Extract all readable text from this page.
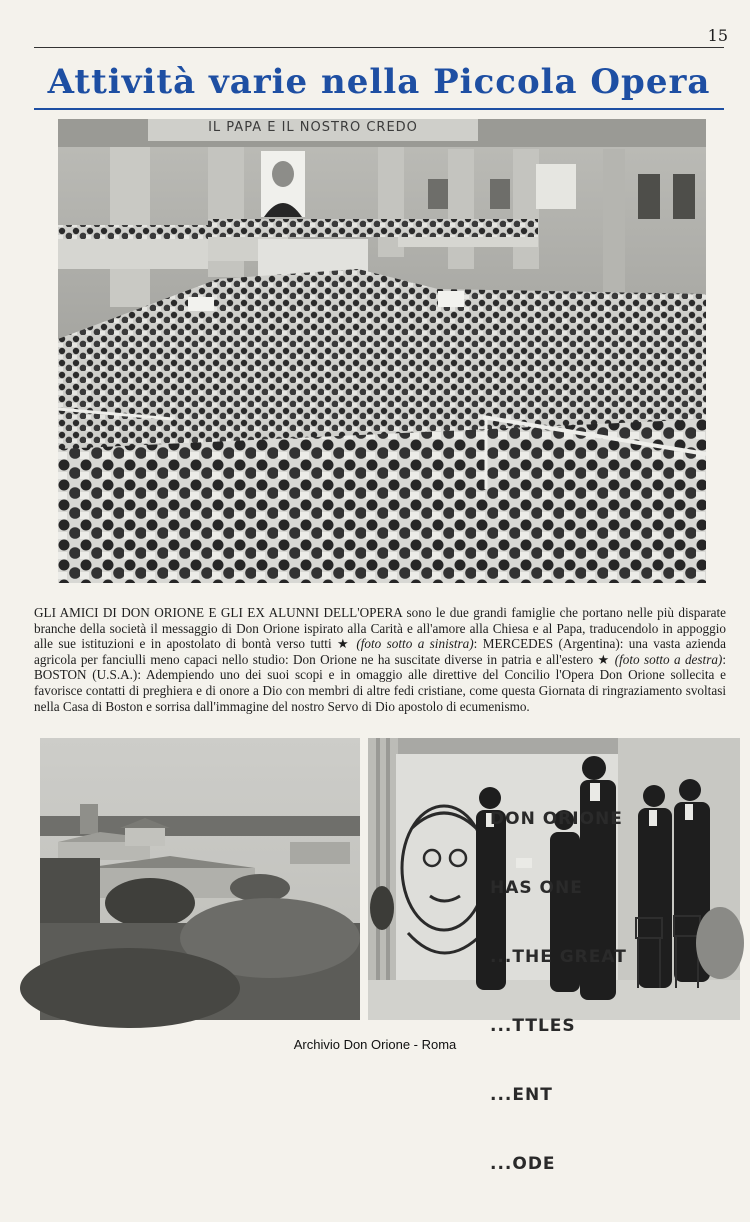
15
Attività varie nella Piccola Opera
IL PAPA E IL NOSTRO CREDO
GLI AMICI DI DON ORIONE E GLI EX ALUNNI DELL'OPERA sono le due grandi famiglie che portano nelle più disparate branche della società il messaggio di Don Orione ispirato alla Carità e all'amore alla Chiesa e al Papa, traducendolo in appoggio alle sue istituzioni e in apostolato di bontà verso tutti ★ (foto sotto a sinistra): MERCEDES (Argentina): una vasta azienda agricola per fanciulli meno capaci nello studio: Don Orione ne ha suscitate diverse in patria e all'estero ★ (foto sotto a destra): BOSTON (U.S.A.): Adempiendo uno dei suoi scopi e in omaggio alle direttive del Concilio l'Opera Don Orione sollecita e favorisce contatti di preghiera e di onore a Dio con membri di altre fedi cristiane, come questa Giornata di ringraziamento svoltasi nella Casa di Boston e sorrisa dall'immagine del nostro Servo di Dio apostolo di ecumenismo.

DON ORIONE

HAS ONE

...THE GREAT

...TTLES

...ENT

...ODE

Archivio Don Orione - Roma
